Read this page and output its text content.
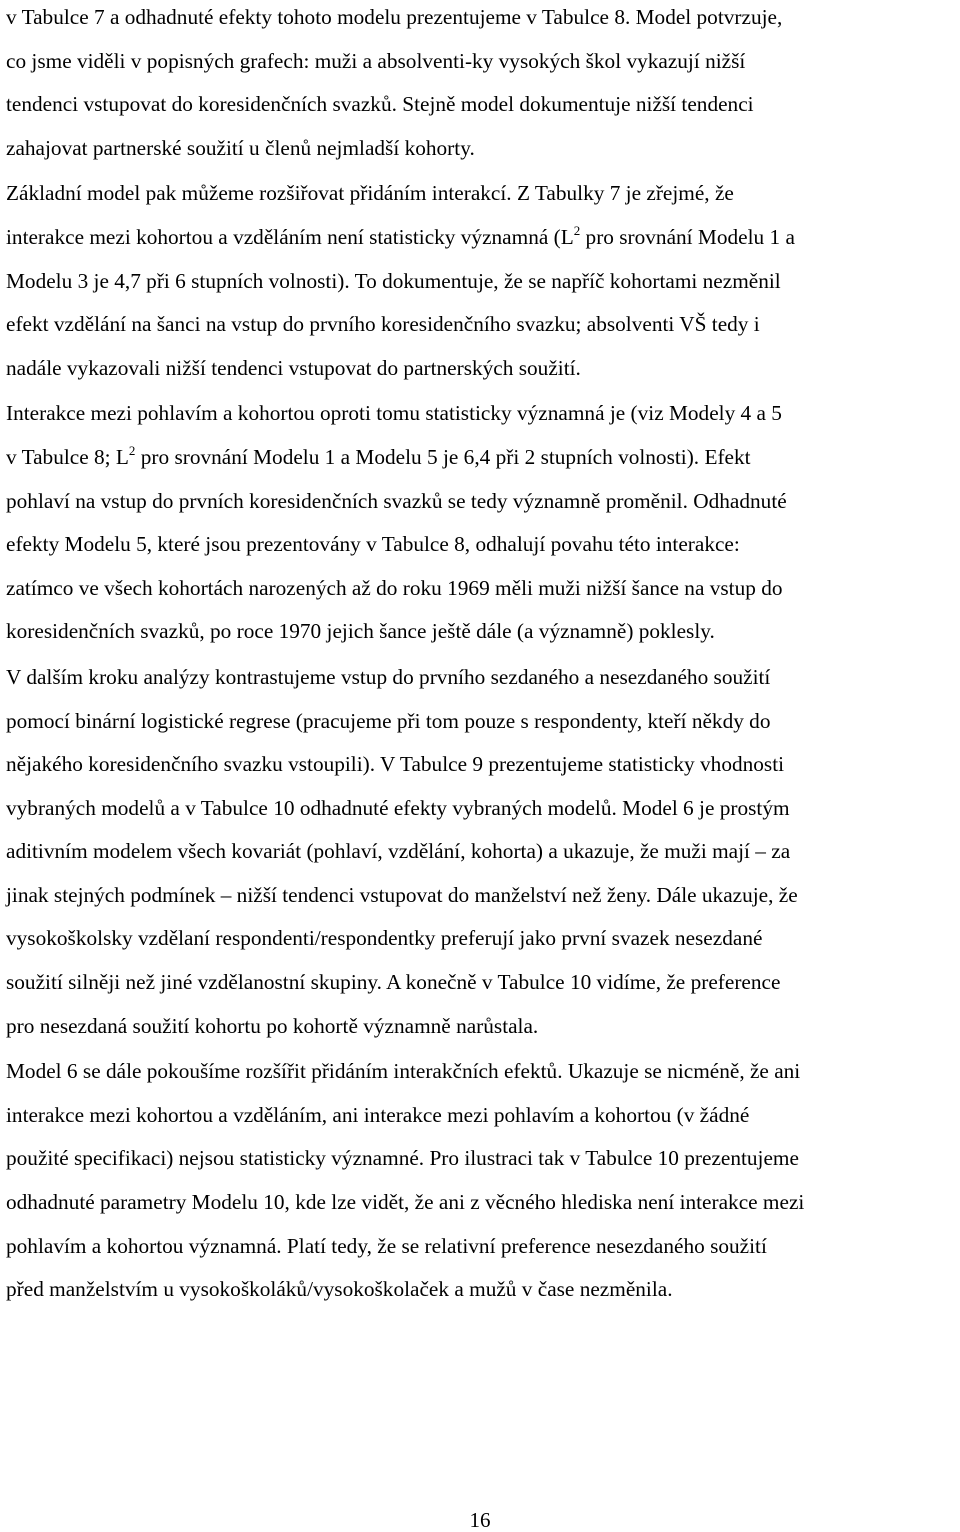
v Tabulce 7 a odhadnuté efekty tohoto modelu prezentujeme v Tabulce 8. Model potvrzuje,
co jsme viděli v popisných grafech: muži a absolventi-ky vysokých škol vykazují nižší
tendenci vstupovat do koresidenčních svazků. Stejně model dokumentuje nižší tendenci
zahajovat partnerské soužití u členů nejmladší kohorty.

Základní model pak můžeme rozšiřovat přidáním interakcí. Z Tabulky 7 je zřejmé, že
interakce mezi kohortou a vzděláním není statisticky významná ($L^2$ pro srovnání Modelu 1 a
Modelu 3 je 4,7 při 6 stupních volnosti). To dokumentuje, že se napříč kohortami nezměnil
efekt vzdělání na šanci na vstup do prvního koresidenčního svazku; absolventi VŠ tedy i
nadále vykazovali nižší tendenci vstupovat do partnerských soužití.

Interakce mezi pohlavím a kohortou oproti tomu statisticky významná je (viz Modely 4 a 5
v Tabulce 8; $L^2$ pro srovnání Modelu 1 a Modelu 5 je 6,4 při 2 stupních volnosti). Efekt
pohlaví na vstup do prvních koresidenčních svazků se tedy významně proměnil. Odhadnuté
efekty Modelu 5, které jsou prezentovány v Tabulce 8, odhalují povahu této interakce:
zatímco ve všech kohortách narozených až do roku 1969 měli muži nižší šance na vstup do
koresidenčních svazků, po roce 1970 jejich šance ještě dále (a významně) poklesly.

V dalším kroku analýzy kontrastujeme vstup do prvního sezdaného a nesezdaného soužití
pomocí binární logistické regrese (pracujeme při tom pouze s respondenty, kteří někdy do
nějakého koresidenčního svazku vstoupili). V Tabulce 9 prezentujeme statisticky vhodnosti
vybraných modelů a v Tabulce 10 odhadnuté efekty vybraných modelů. Model 6 je prostým
aditivním modelem všech kovariát (pohlaví, vzdělání, kohorta) a ukazuje, že muži mají – za
jinak stejných podmínek – nižší tendenci vstupovat do manželství než ženy. Dále ukazuje, že
vysokoškolsky vzdělaní respondenti/respondentky preferují jako první svazek nesezdané
soužití silněji než jiné vzdělanostní skupiny. A konečně v Tabulce 10 vidíme, že preference
pro nesezdaná soužití kohortu po kohortě významně narůstala.

Model 6 se dále pokoušíme rozšířit přidáním interakčních efektů. Ukazuje se nicméně, že ani
interakce mezi kohortou a vzděláním, ani interakce mezi pohlavím a kohortou (v žádné
použité specifikaci) nejsou statisticky významné. Pro ilustraci tak v Tabulce 10 prezentujeme
odhadnuté parametry Modelu 10, kde lze vidět, že ani z věcného hlediska není interakce mezi
pohlavím a kohortou významná. Platí tedy, že se relativní preference nesezdaného soužití
před manželstvím u vysokoškoláků/vysokoškolaček a mužů v čase nezměnila.

16
